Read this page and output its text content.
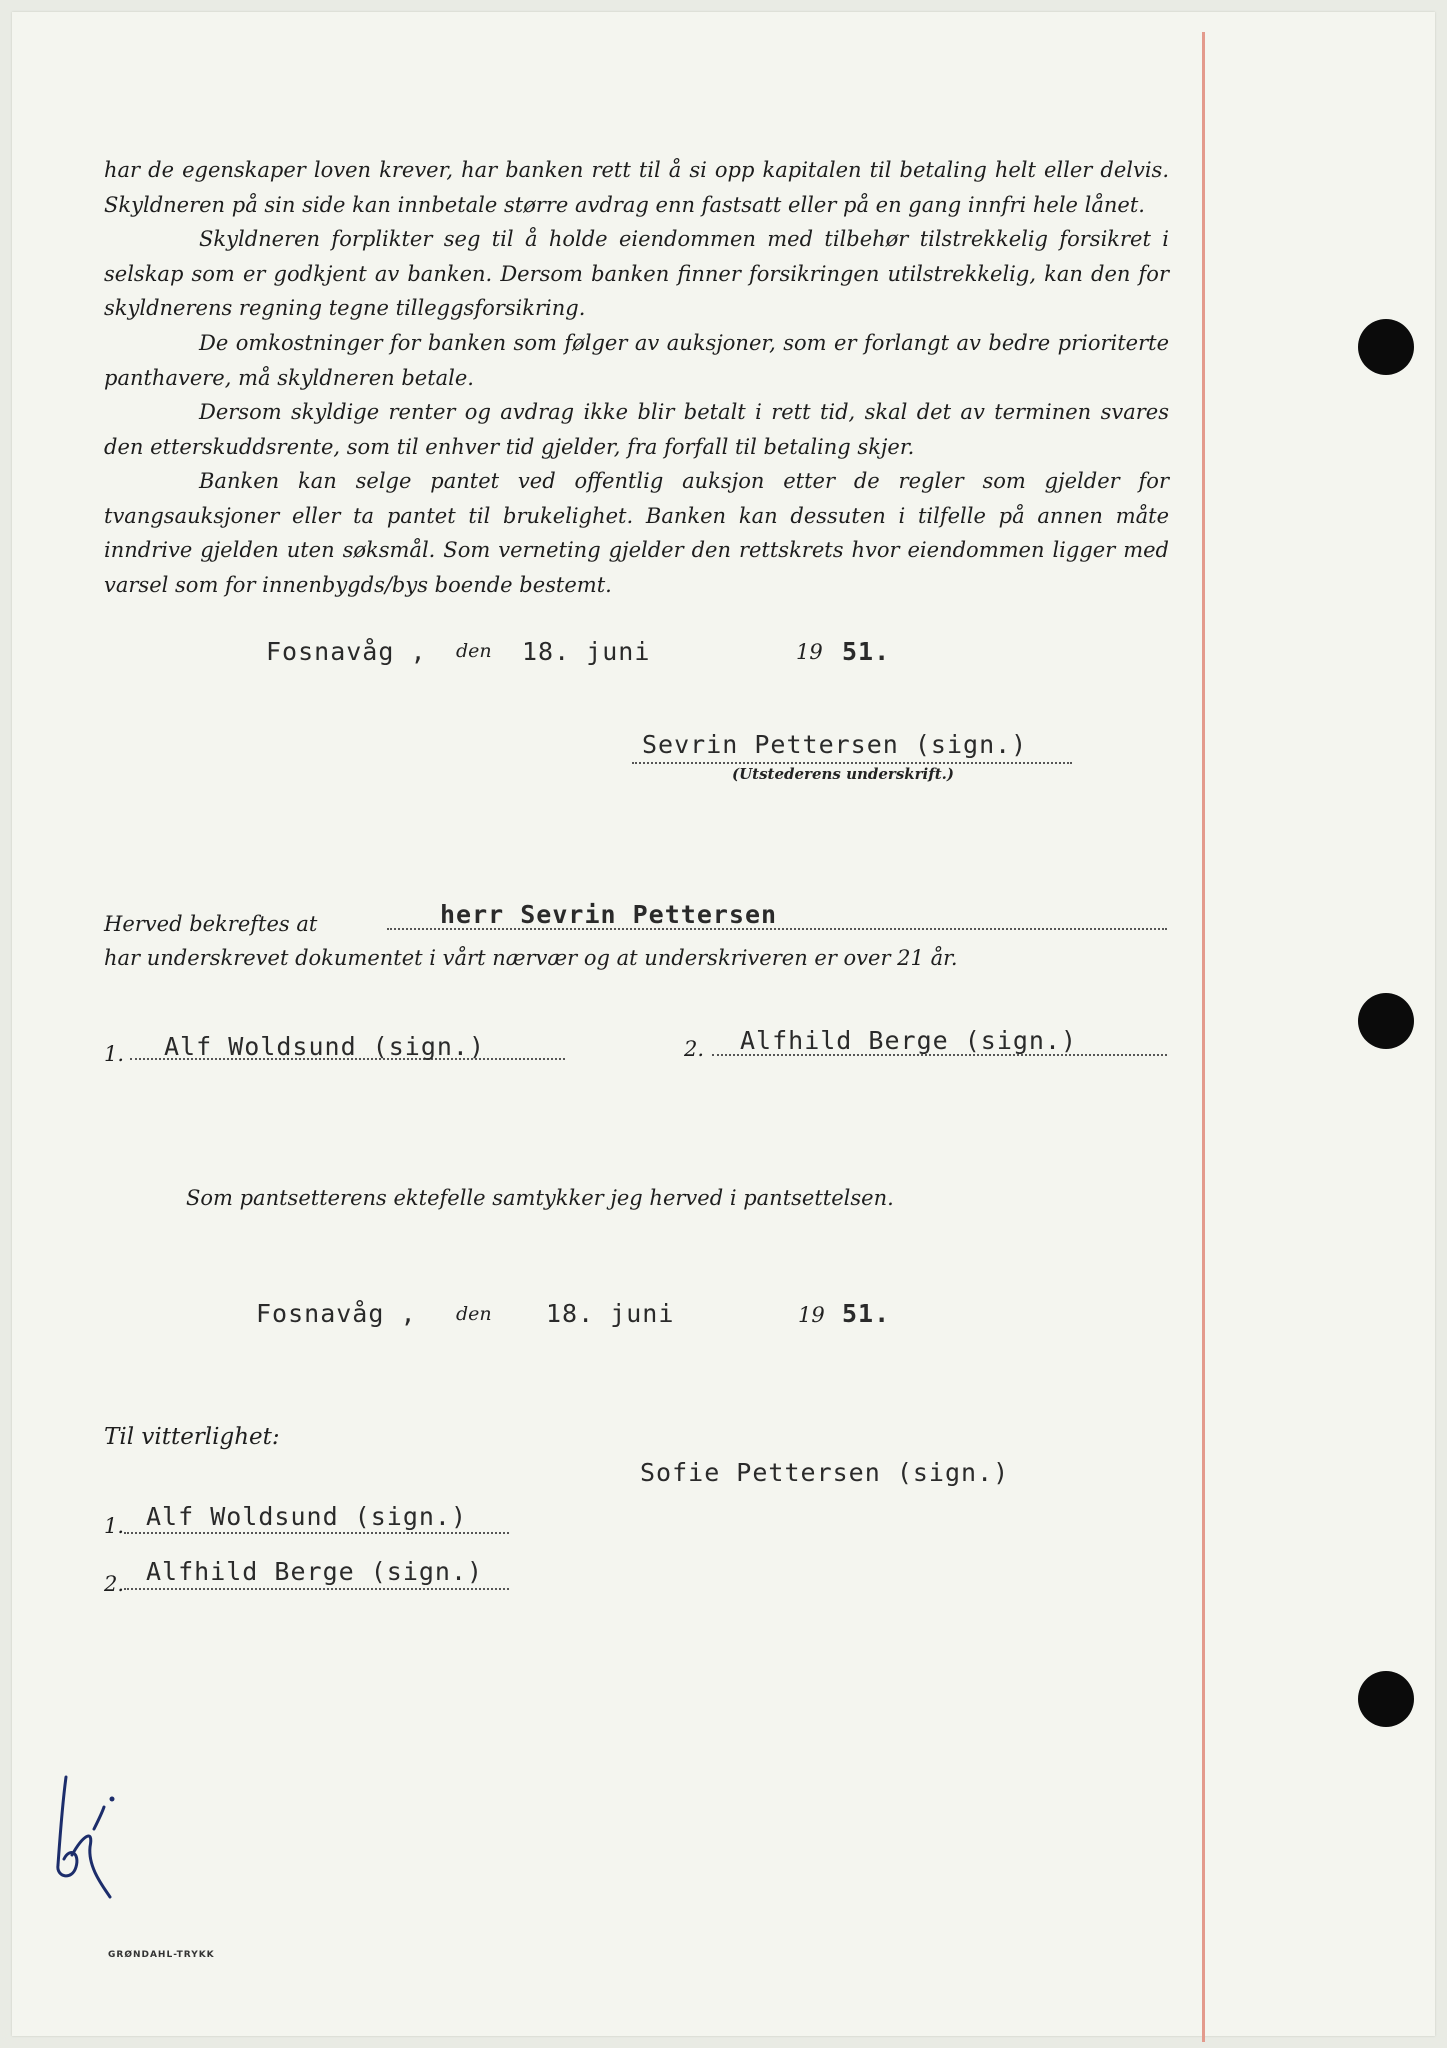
har de egenskaper loven krever, har banken rett til å si opp kapitalen til betaling helt eller delvis. Skyldneren på sin side kan innbetale større avdrag enn fastsatt eller på en gang innfri hele lånet.

Skyldneren forplikter seg til å holde eiendommen med tilbehør tilstrekkelig forsikret i selskap som er godkjent av banken. Dersom banken finner forsikringen utilstrekkelig, kan den for skyldnerens regning tegne tilleggsforsikring.

De omkostninger for banken som følger av auksjoner, som er forlangt av bedre prioriterte panthavere, må skyldneren betale.

Dersom skyldige renter og avdrag ikke blir betalt i rett tid, skal det av terminen svares den etterskuddsrente, som til enhver tid gjelder, fra forfall til betaling skjer.

Banken kan selge pantet ved offentlig auksjon etter de regler som gjelder for tvangsauksjoner eller ta pantet til brukelighet. Banken kan dessuten i tilfelle på annen måte inndrive gjelden uten søksmål. Som verneting gjelder den rettskrets hvor eiendommen ligger med varsel som for innenbygds/bys boende bestemt.

Fosnavåg , den 18. juni	19 51.
Sevrin Pettersen (sign.)
(Utstederens underskrift.)
Herved bekreftes at	herr Sevrin Pettersen
har underskrevet dokumentet i vårt nærvær og at underskriveren er over 21 år.
1. Alf Woldsund (sign.)	2. Alfhild Berge (sign.)
Som pantsetterens ektefelle samtykker jeg herved i pantsettelsen.
Fosnavåg , den 18. juni	19 51.
Til vitterlighet:
Sofie Pettersen (sign.)
1. Alf Woldsund (sign.)
2. Alfhild Berge (sign.)
GRØNDAHL-TRYKK
